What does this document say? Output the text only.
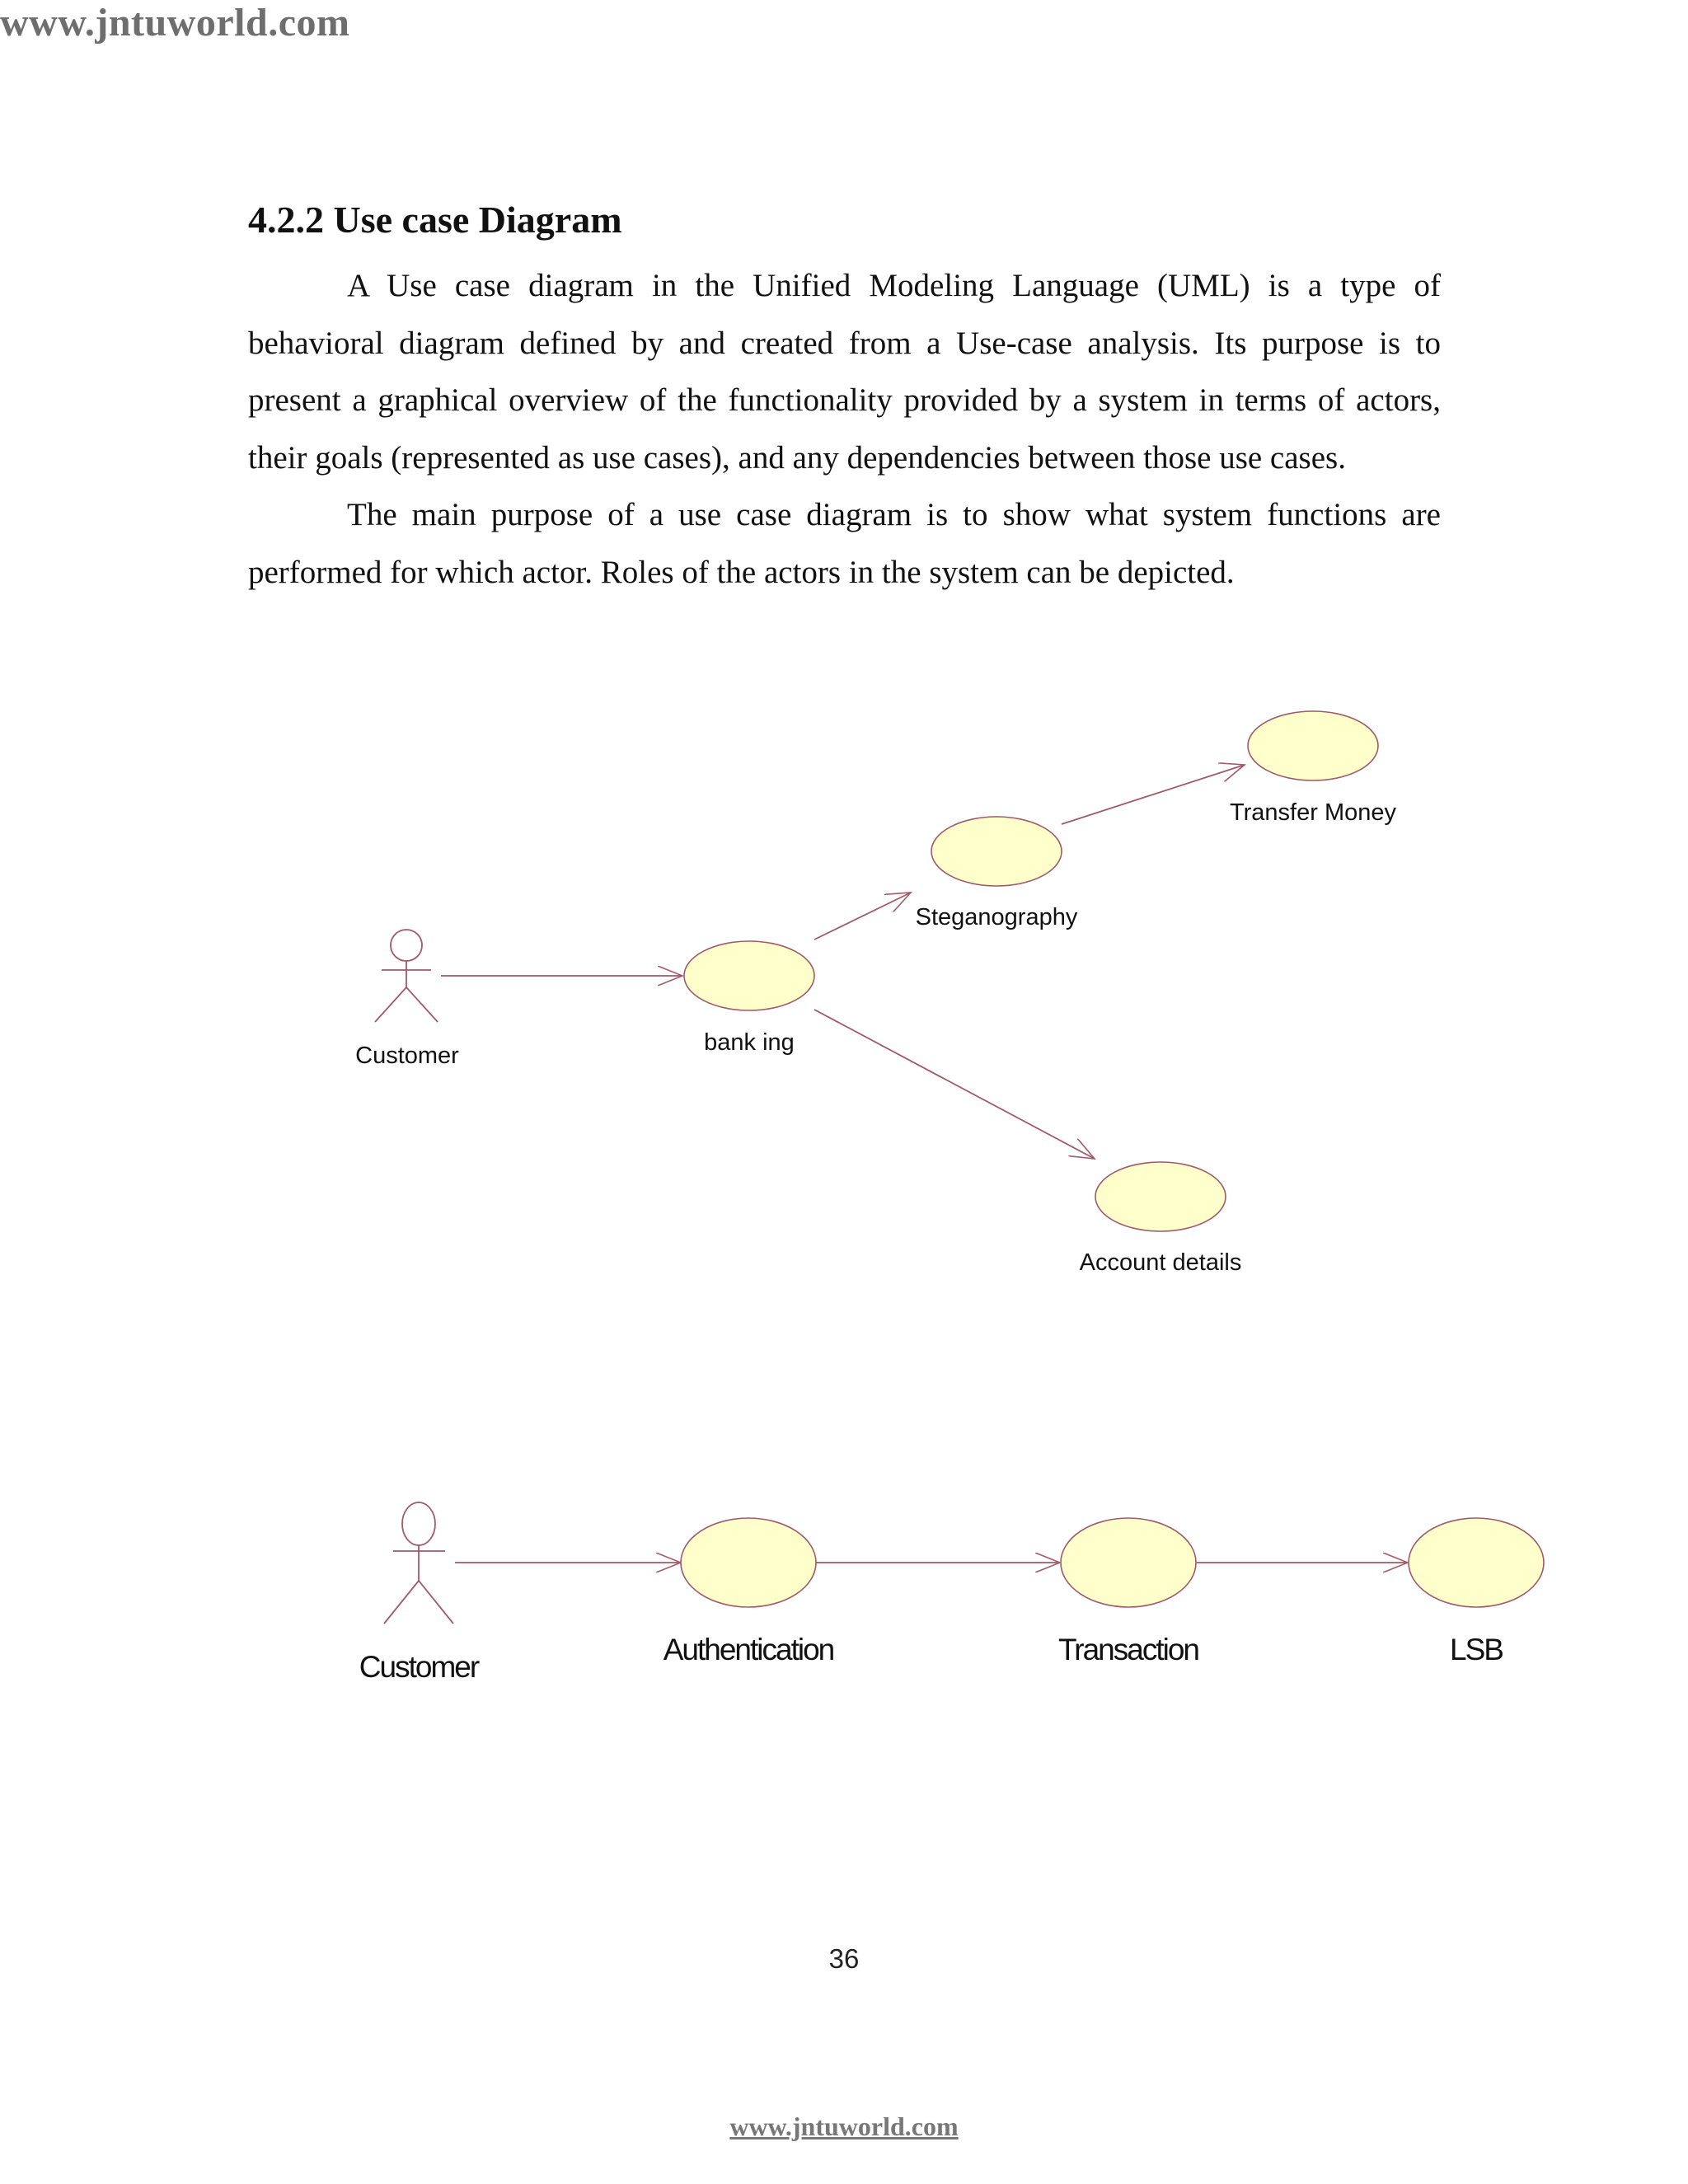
www.jntuworld.com
4.2.2 Use case Diagram

A Use case diagram in the Unified Modeling Language (UML) is a type of behavioral diagram defined by and created from a Use-case analysis. Its purpose is to present a graphical overview of the functionality provided by a system in terms of actors, their goals (represented as use cases), and any dependencies between those use cases.

The main purpose of a use case diagram is to show what system functions are performed for which actor. Roles of the actors in the system can be depicted.

Customer	bank ing
Steganography
Transfer Money
Account details
Customer
Authentication	Transaction	LSB
36
www.jntuworld.com
